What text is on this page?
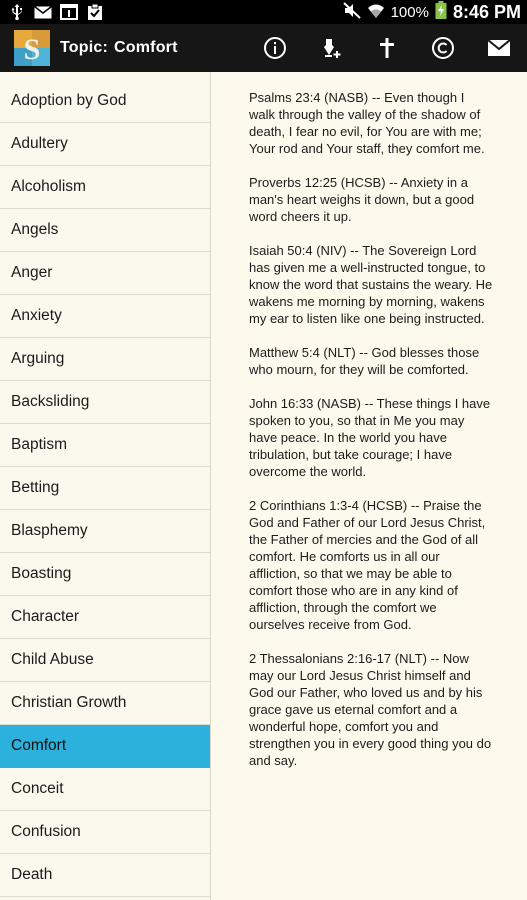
100% 8:46 PM
S Topic: Comfort
Adoption by God
Adultery
Alcoholism
Angels
Anger
Anxiety
Arguing
Backsliding
Baptism
Betting
Blasphemy
Boasting
Character
Child Abuse
Christian Growth
Comfort
Conceit
Confusion
Death

Psalms 23:4 (NASB) -- Even though I walk through the valley of the shadow of death, I fear no evil, for You are with me; Your rod and Your staff, they comfort me.

Proverbs 12:25 (HCSB) -- Anxiety in a man's heart weighs it down, but a good word cheers it up.

Isaiah 50:4 (NIV) -- The Sovereign Lord has given me a well-instructed tongue, to know the word that sustains the weary. He wakens me morning by morning, wakens my ear to listen like one being instructed.

Matthew 5:4 (NLT) -- God blesses those who mourn, for they will be comforted.

John 16:33 (NASB) -- These things I have spoken to you, so that in Me you may have peace. In the world you have tribulation, but take courage; I have overcome the world.

2 Corinthians 1:3-4 (HCSB) -- Praise the God and Father of our Lord Jesus Christ, the Father of mercies and the God of all comfort. He comforts us in all our affliction, so that we may be able to comfort those who are in any kind of affliction, through the comfort we ourselves receive from God.

2 Thessalonians 2:16-17 (NLT) -- Now may our Lord Jesus Christ himself and God our Father, who loved us and by his grace gave us eternal comfort and a wonderful hope, comfort you and strengthen you in every good thing you do and say.
